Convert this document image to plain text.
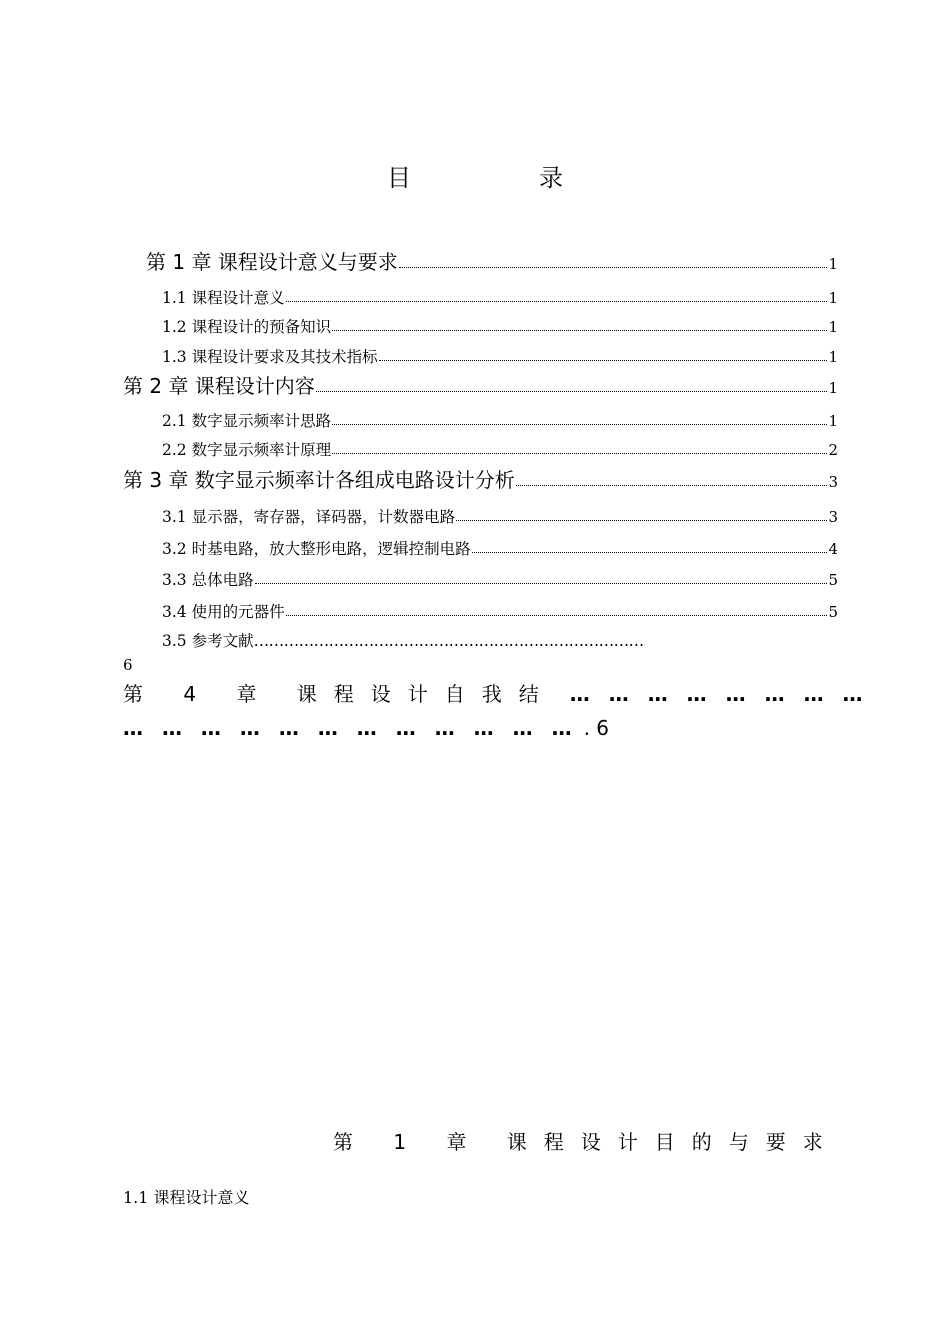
目　录
第 1 章 课程设计意义与要求	1
1.1 课程设计意义	1
1.2 课程设计的预备知识	1
1.3 课程设计要求及其技术指标	1
第 2 章 课程设计内容	1
2.1 数字显示频率计思路	1
2.2 数字显示频率计原理	2
第 3 章 数字显示频率计各组成电路设计分析	3
3.1 显示器，寄存器，译码器，计数器电路	3
3.2 时基电路，放大整形电路，逻辑控制电路	4
3.3 总体电路	5
3.4 使用的元器件	5
3.5 参考文献……………………………………………………………………
6
第 4 章 课程设计自我结 … … … … … … … …
… … … … … … … … … … … … . 6
第 1 章 课程设计目的与要求
1.1 课程设计意义
